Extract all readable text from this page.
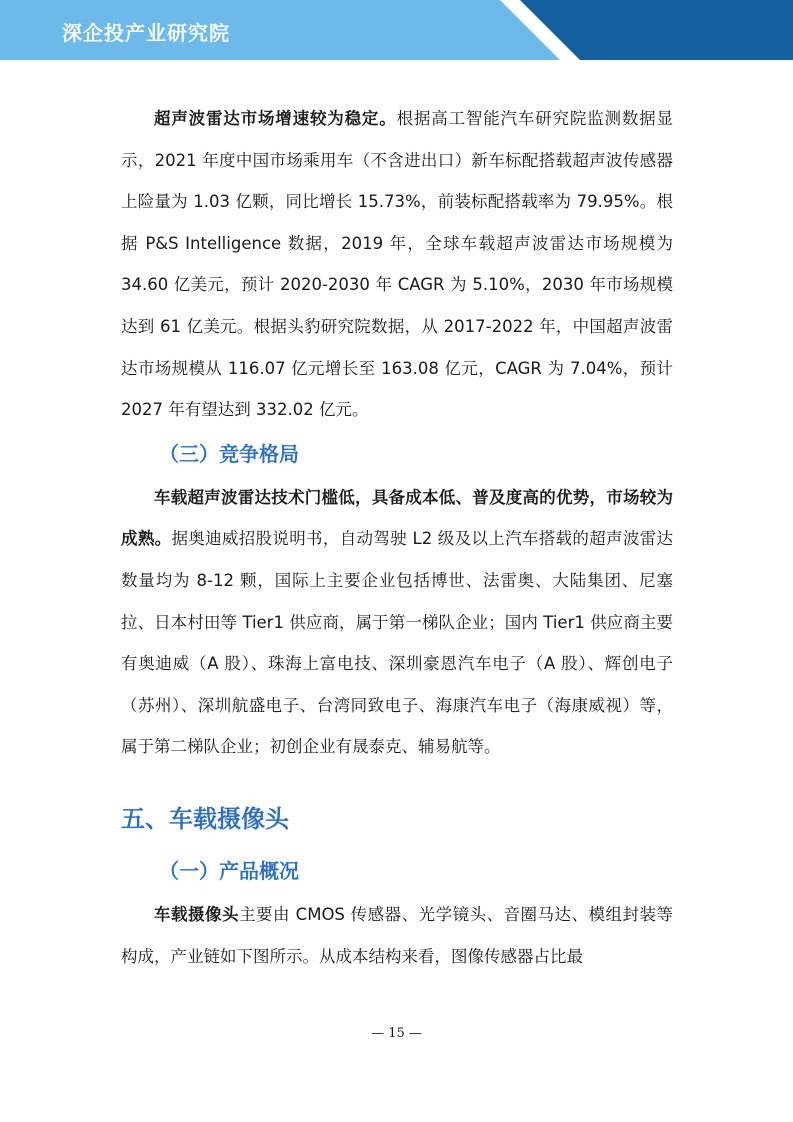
深企投产业研究院

超声波雷达市场增速较为稳定。根据高工智能汽车研究院监测数据显示，2021 年度中国市场乘用车（不含进出口）新车标配搭载超声波传感器上险量为 1.03 亿颗，同比增长 15.73%，前装标配搭载率为 79.95%。根据 P&S Intelligence 数据，2019 年，全球车载超声波雷达市场规模为 34.60 亿美元，预计 2020-2030 年 CAGR 为 5.10%，2030 年市场规模达到 61 亿美元。根据头豹研究院数据，从 2017-2022 年，中国超声波雷达市场规模从 116.07 亿元增长至 163.08 亿元，CAGR 为 7.04%，预计 2027 年有望达到 332.02 亿元。

（三）竞争格局

车载超声波雷达技术门槛低，具备成本低、普及度高的优势，市场较为成熟。据奥迪威招股说明书，自动驾驶 L2 级及以上汽车搭载的超声波雷达数量均为 8-12 颗，国际上主要企业包括博世、法雷奥、大陆集团、尼塞拉、日本村田等 Tier1 供应商，属于第一梯队企业；国内 Tier1 供应商主要有奥迪威（A 股）、珠海上富电技、深圳豪恩汽车电子（A 股）、辉创电子（苏州）、深圳航盛电子、台湾同致电子、海康汽车电子（海康威视）等，属于第二梯队企业；初创企业有晟泰克、辅易航等。

五、车载摄像头
（一）产品概况

车载摄像头主要由 CMOS 传感器、光学镜头、音圈马达、模组封装等构成，产业链如下图所示。从成本结构来看，图像传感器占比最

— 15 —
